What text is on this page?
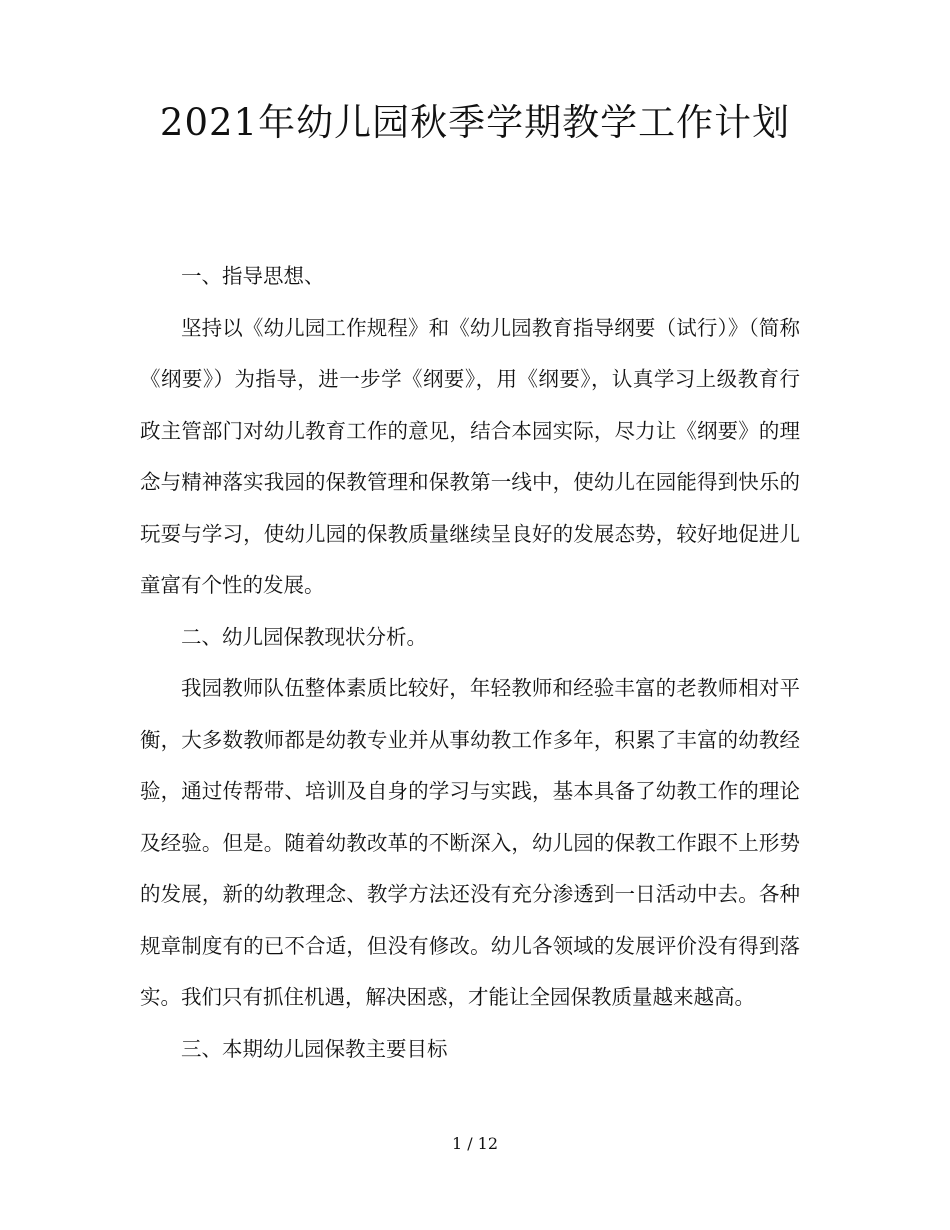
2021年幼儿园秋季学期教学工作计划

一、指导思想、

坚持以《幼儿园工作规程》和《幼儿园教育指导纲要（试行）》（简称《纲要》）为指导，进一步学《纲要》，用《纲要》，认真学习上级教育行政主管部门对幼儿教育工作的意见，结合本园实际，尽力让《纲要》的理念与精神落实我园的保教管理和保教第一线中，使幼儿在园能得到快乐的玩耍与学习，使幼儿园的保教质量继续呈良好的发展态势，较好地促进儿童富有个性的发展。

二、幼儿园保教现状分析。

我园教师队伍整体素质比较好，年轻教师和经验丰富的老教师相对平衡，大多数教师都是幼教专业并从事幼教工作多年，积累了丰富的幼教经验，通过传帮带、培训及自身的学习与实践，基本具备了幼教工作的理论及经验。但是。随着幼教改革的不断深入，幼儿园的保教工作跟不上形势的发展，新的幼教理念、教学方法还没有充分渗透到一日活动中去。各种规章制度有的已不合适，但没有修改。幼儿各领域的发展评价没有得到落实。我们只有抓住机遇，解决困惑，才能让全园保教质量越来越高。

三、本期幼儿园保教主要目标

1 / 12
